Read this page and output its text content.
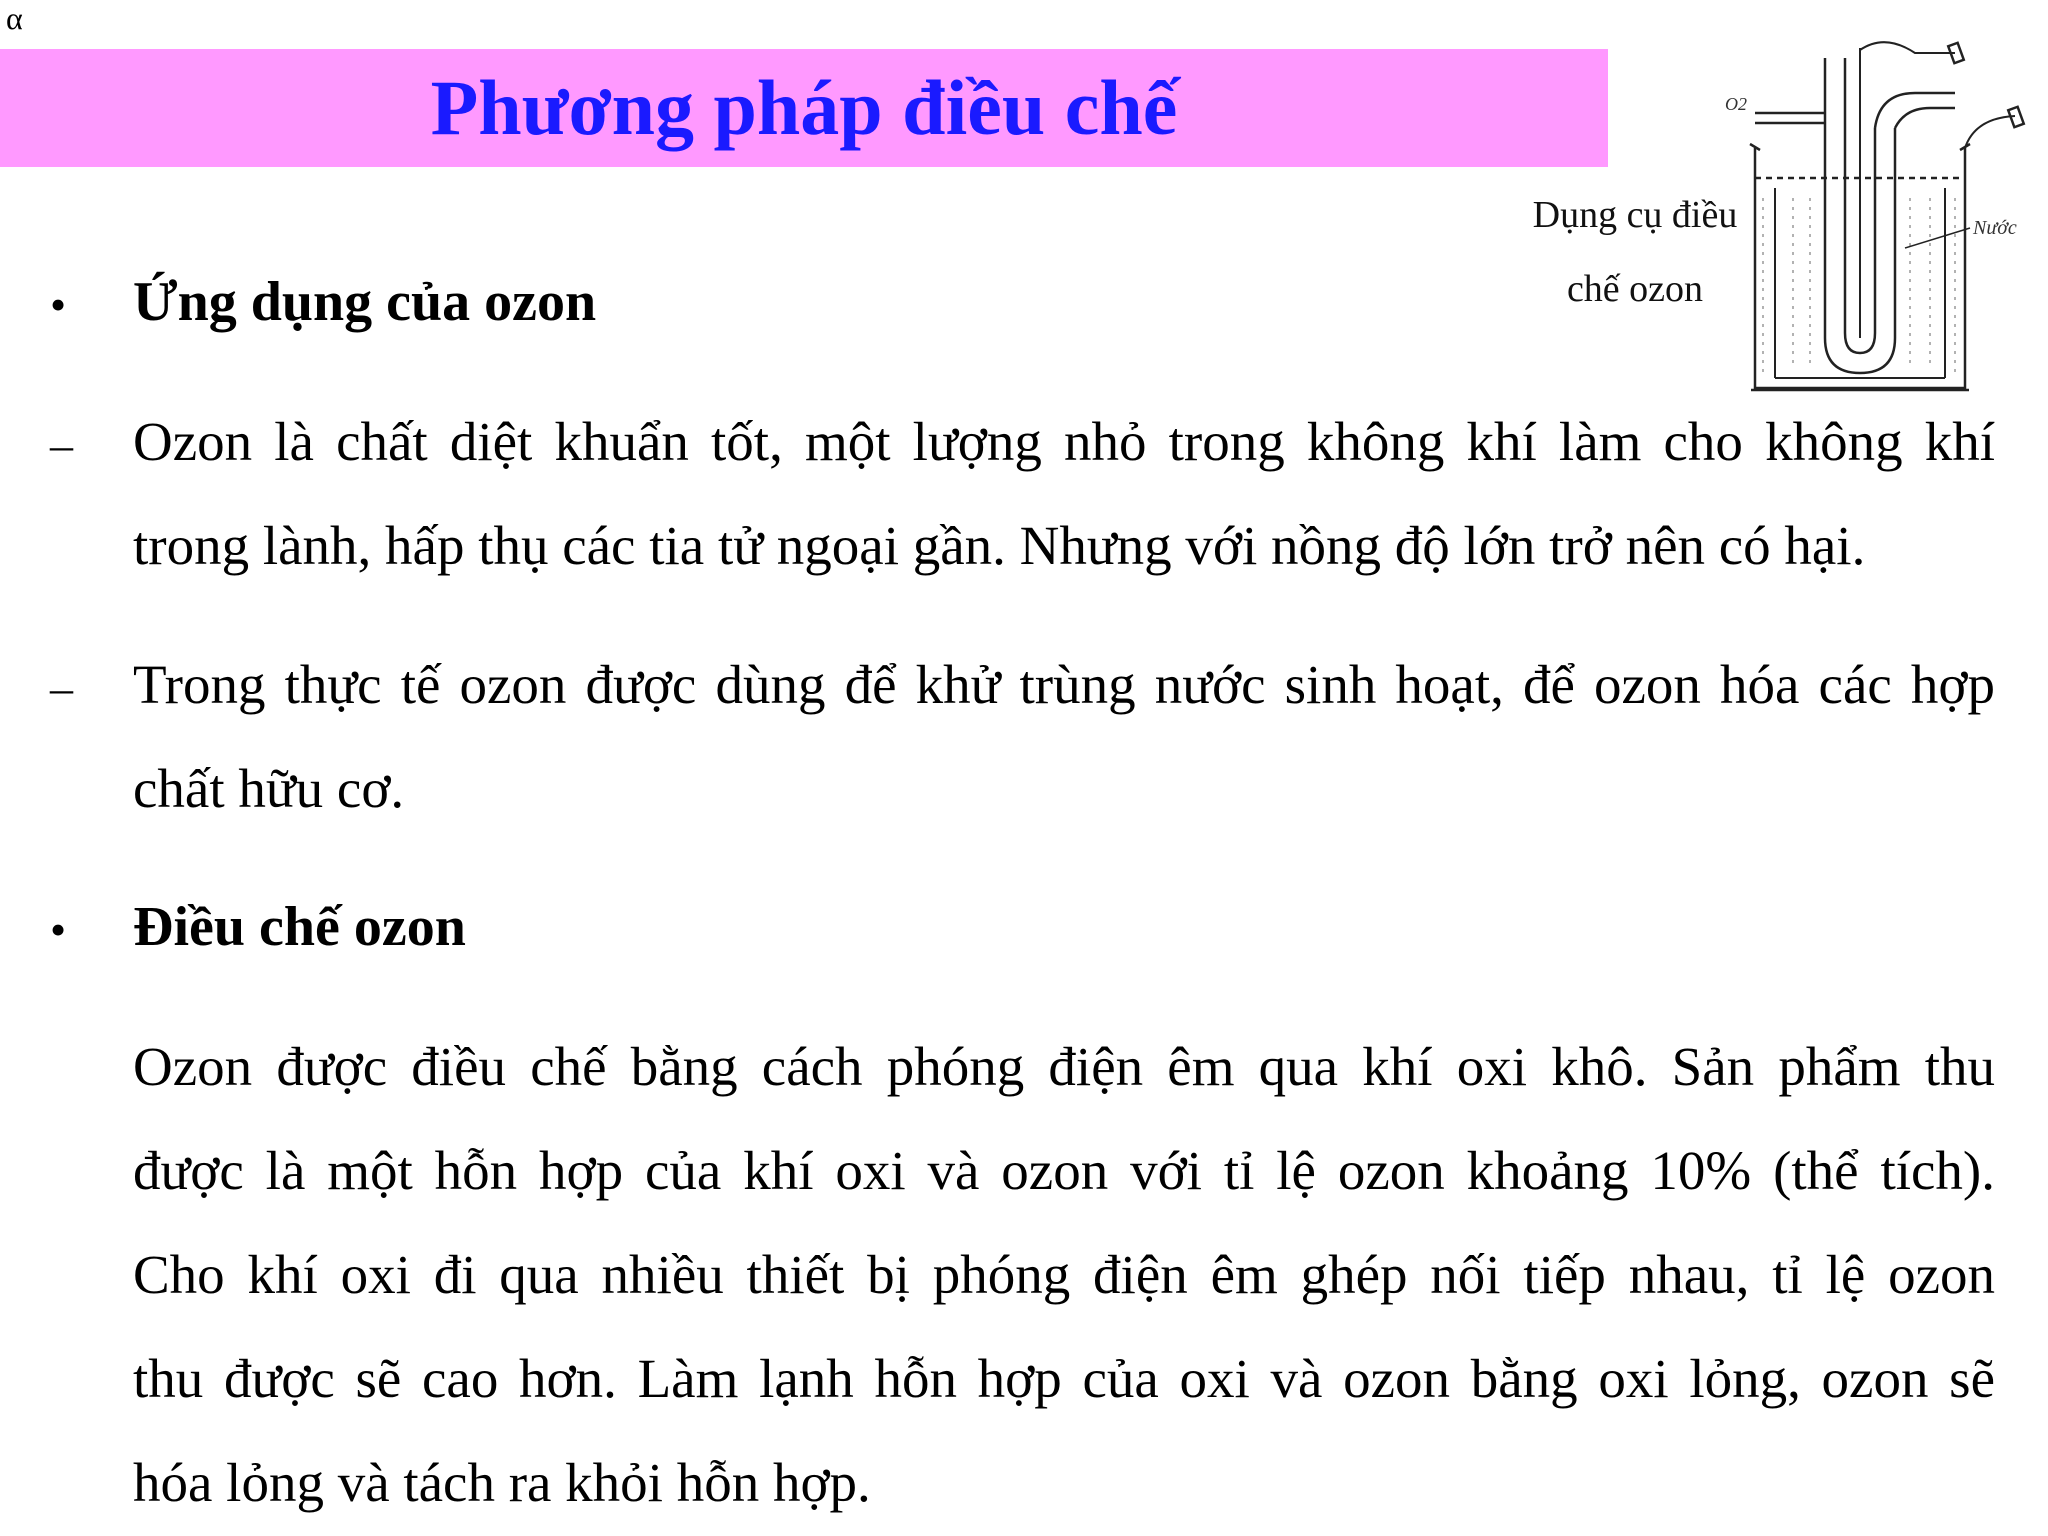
α
Phương pháp điều chế
Dụng cụ điều
chế ozon
O2
Nước
• Ứng dụng của ozon
– Ozon là chất diệt khuẩn tốt, một lượng nhỏ trong không khí làm cho không khí
trong lành, hấp thụ các tia tử ngoại gần. Nhưng với nồng độ lớn trở nên có hại.
– Trong thực tế ozon được dùng để khử trùng nước sinh hoạt, để ozon hóa các hợp
chất hữu cơ.
• Điều chế ozon
Ozon được điều chế bằng cách phóng điện êm qua khí oxi khô. Sản phẩm thu
được là một hỗn hợp của khí oxi và ozon với tỉ lệ ozon khoảng 10% (thể tích).
Cho khí oxi đi qua nhiều thiết bị phóng điện êm ghép nối tiếp nhau, tỉ lệ ozon
thu được sẽ cao hơn. Làm lạnh hỗn hợp của oxi và ozon bằng oxi lỏng, ozon sẽ
hóa lỏng và tách ra khỏi hỗn hợp.
